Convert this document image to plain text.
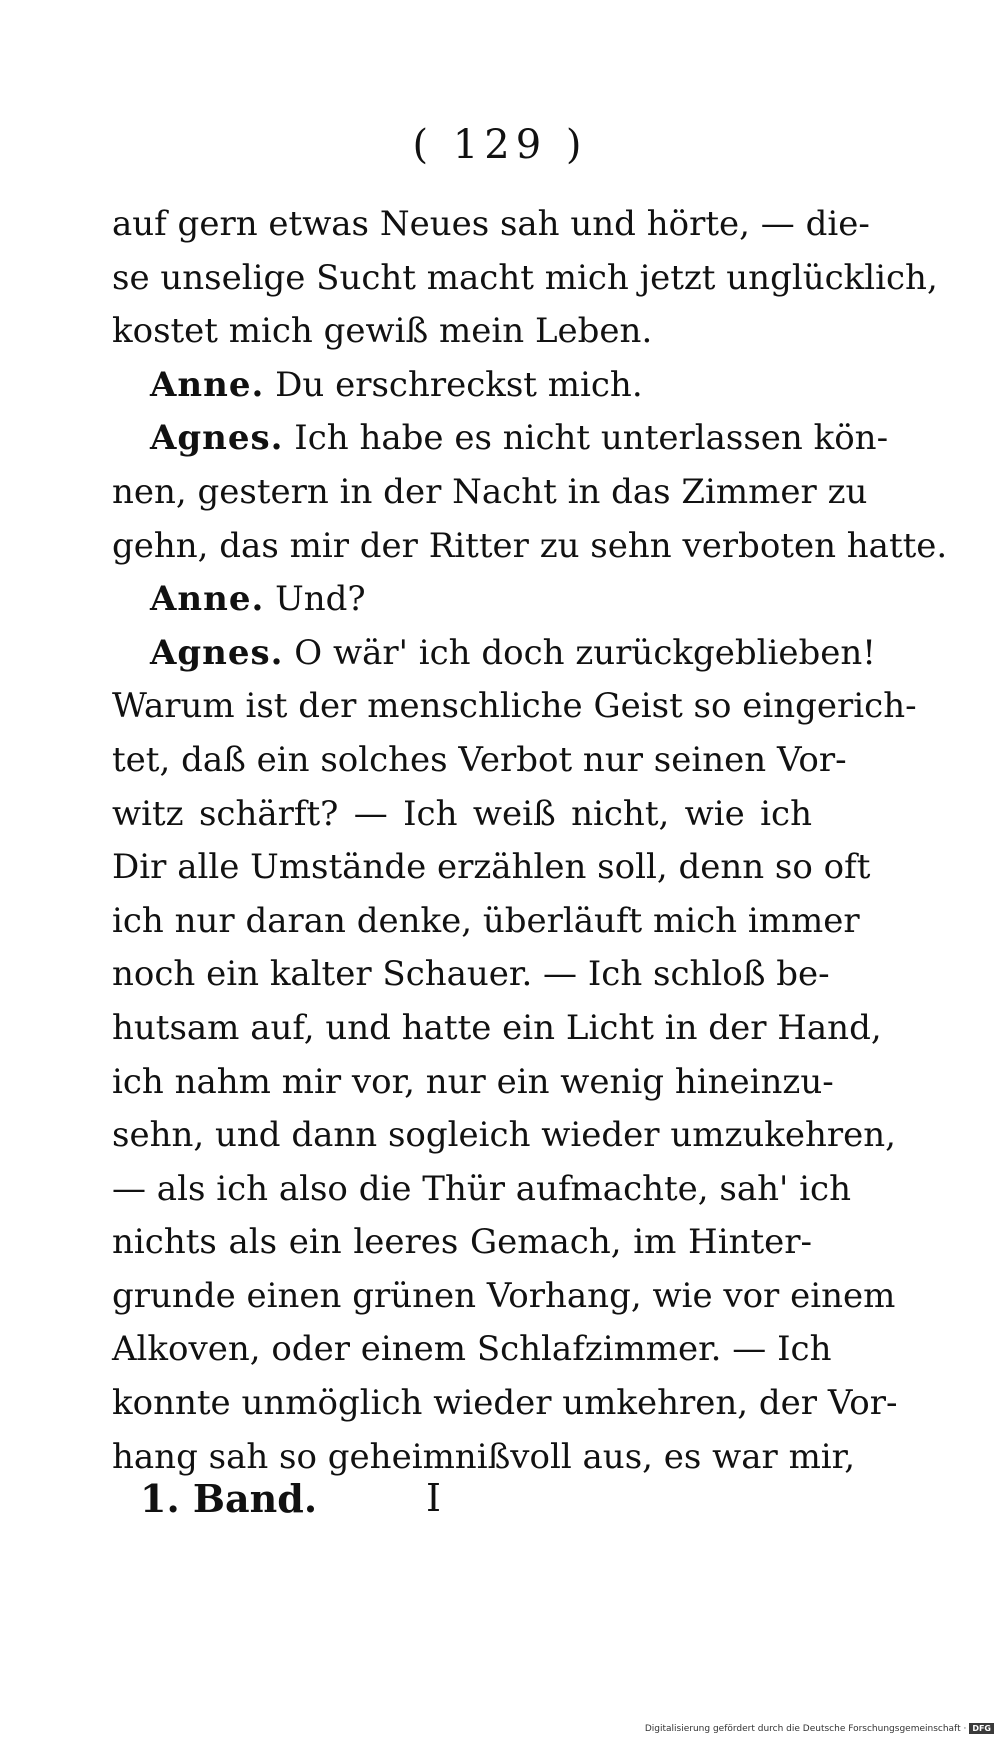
( 129 )
auf gern etwas Neues sah und hörte, — die-
se unselige Sucht macht mich jetzt unglücklich,
kostet mich gewiß mein Leben.
Anne. Du erschreckst mich.
Agnes. Ich habe es nicht unterlassen kön-
nen, gestern in der Nacht in das Zimmer zu
gehn, das mir der Ritter zu sehn verboten hatte.
Anne. Und?
Agnes. O wär' ich doch zurückgeblieben!
Warum ist der menschliche Geist so eingerich-
tet, daß ein solches Verbot nur seinen Vor-
witz schärft? — Ich weiß nicht, wie ich
Dir alle Umstände erzählen soll, denn so oft
ich nur daran denke, überläuft mich immer
noch ein kalter Schauer. — Ich schloß be-
hutsam auf, und hatte ein Licht in der Hand,
ich nahm mir vor, nur ein wenig hineinzu-
sehn, und dann sogleich wieder umzukehren,
— als ich also die Thür aufmachte, sah' ich
nichts als ein leeres Gemach, im Hinter-
grunde einen grünen Vorhang, wie vor einem
Alkoven, oder einem Schlafzimmer. — Ich
konnte unmöglich wieder umkehren, der Vor-
hang sah so geheimnißvoll aus, es war mir,
1. Band.	I
Digitalisierung gefördert durch die Deutsche Forschungsgemeinschaft · DFG
